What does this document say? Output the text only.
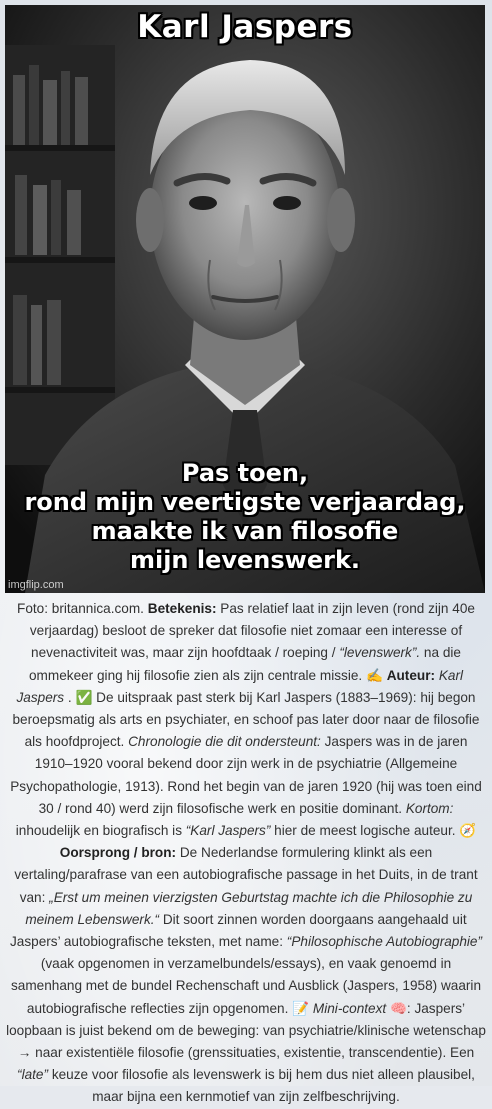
Karl Jaspers
Pas toen,
rond mijn veertigste verjaardag,
maakte ik van filosofie
mijn levenswerk.
imgflip.com
Foto: britannica.com. Betekenis: Pas relatief laat in zijn leven (rond zijn 40e verjaardag) besloot de spreker dat filosofie niet zomaar een interesse of nevenactiviteit was, maar zijn hoofdtaak / roeping / “levenswerk”. na die ommekeer ging hij filosofie zien als zijn centrale missie. ✍️ Auteur: Karl Jaspers . ✅ De uitspraak past sterk bij Karl Jaspers (1883–1969): hij begon beroepsmatig als arts en psychiater, en schoof pas later door naar de filosofie als hoofdproject. Chronologie die dit ondersteunt: Jaspers was in de jaren 1910–1920 vooral bekend door zijn werk in de psychiatrie (Allgemeine Psychopathologie, 1913). Rond het begin van de jaren 1920 (hij was toen eind 30 / rond 40) werd zijn filosofische werk en positie dominant. Kortom: inhoudelijk en biografisch is “Karl Jaspers” hier de meest logische auteur. 🧭 Oorsprong / bron: De Nederlandse formulering klinkt als een vertaling/parafrase van een autobiografische passage in het Duits, in de trant van: „Erst um meinen vierzigsten Geburtstag machte ich die Philosophie zu meinem Lebenswerk.“ Dit soort zinnen worden doorgaans aangehaald uit Jaspers’ autobiografische teksten, met name: “Philosophische Autobiographie” (vaak opgenomen in verzamelbundels/essays), en vaak genoemd in samenhang met de bundel Rechenschaft und Ausblick (Jaspers, 1958) waarin autobiografische reflecties zijn opgenomen. 📝 Mini-context 🧠: Jaspers’ loopbaan is juist bekend om de beweging: van psychiatrie/klinische wetenschap → naar existentiële filosofie (grenssituaties, existentie, transcendentie). Een “late” keuze voor filosofie als levenswerk is bij hem dus niet alleen plausibel, maar bijna een kernmotief van zijn zelfbeschrijving.
